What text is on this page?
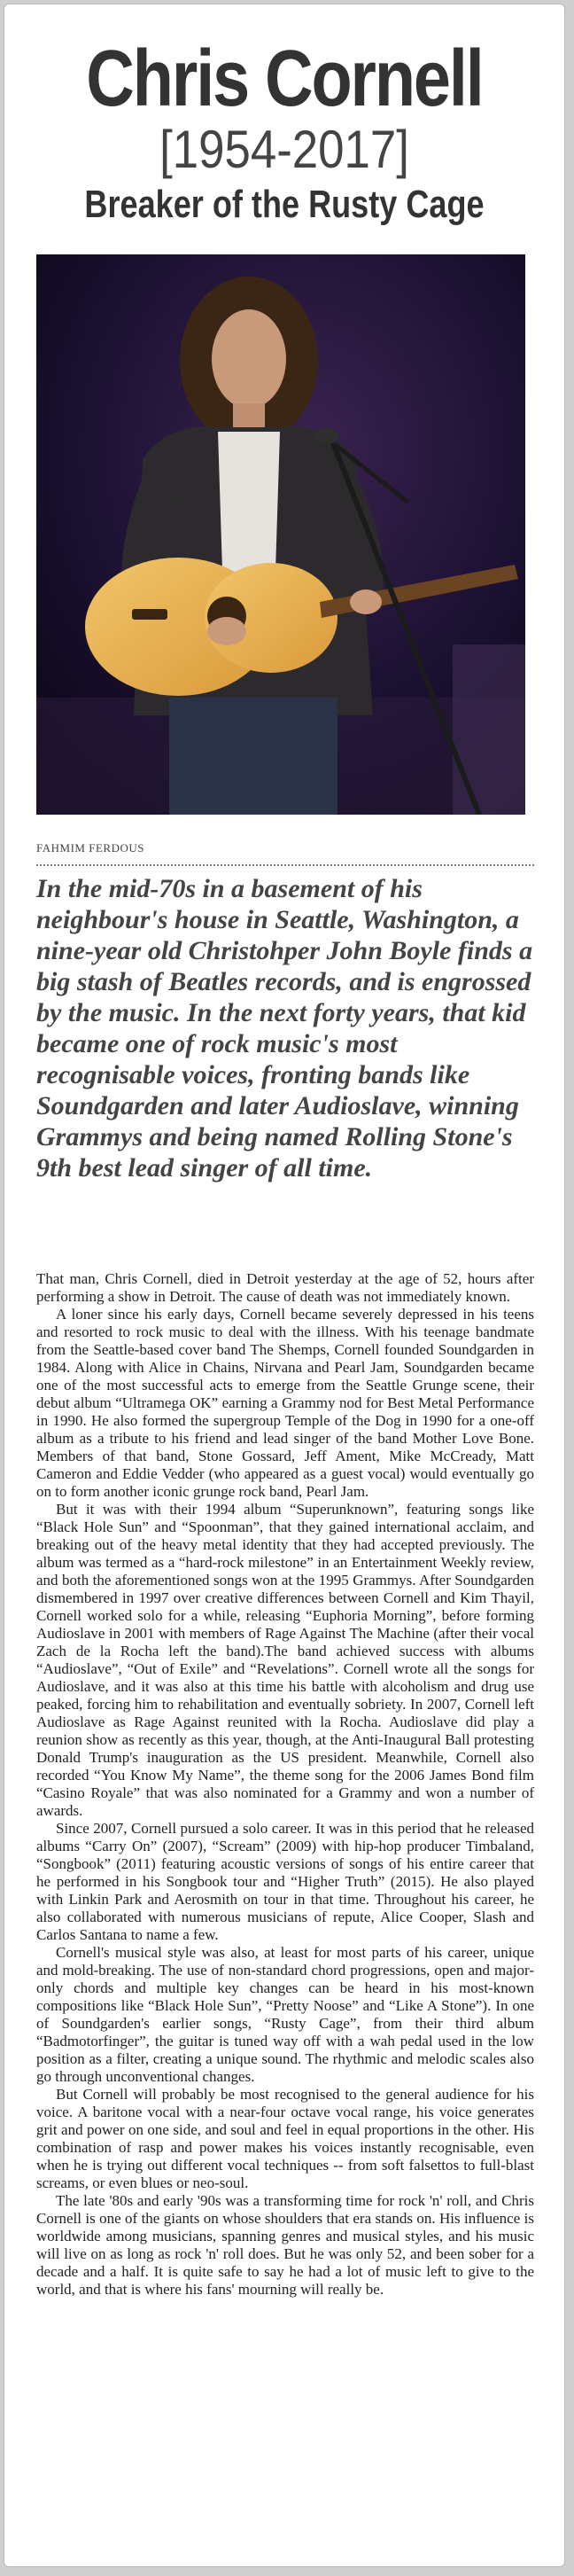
Chris Cornell
[1954-2017]
Breaker of the Rusty Cage
FAHMIM FERDOUS
In the mid-70s in a basement of his neighbour's house in Seattle, Washington, a nine-year old Christohper John Boyle finds a big stash of Beatles records, and is engrossed by the music. In the next forty years, that kid became one of rock music's most recognisable voices, fronting bands like Soundgarden and later Audioslave, winning Grammys and being named Rolling Stone's 9th best lead singer of all time.

That man, Chris Cornell, died in Detroit yesterday at the age of 52, hours after performing a show in Detroit. The cause of death was not immediately known.

A loner since his early days, Cornell became severely depressed in his teens and resorted to rock music to deal with the illness. With his teenage bandmate from the Seattle-based cover band The Shemps, Cornell founded Soundgarden in 1984. Along with Alice in Chains, Nirvana and Pearl Jam, Soundgarden became one of the most successful acts to emerge from the Seattle Grunge scene, their debut album “Ultramega OK” earning a Grammy nod for Best Metal Performance in 1990. He also formed the supergroup Temple of the Dog in 1990 for a one-off album as a tribute to his friend and lead singer of the band Mother Love Bone. Members of that band, Stone Gossard, Jeff Ament, Mike McCready, Matt Cameron and Eddie Vedder (who appeared as a guest vocal) would eventually go on to form another iconic grunge rock band, Pearl Jam.

But it was with their 1994 album “Superunknown”, featuring songs like “Black Hole Sun” and “Spoonman”, that they gained international acclaim, and breaking out of the heavy metal identity that they had accepted previously. The album was termed as a “hard-rock milestone” in an Entertainment Weekly review, and both the aforementioned songs won at the 1995 Grammys. After Soundgarden dismembered in 1997 over creative differences between Cornell and Kim Thayil, Cornell worked solo for a while, releasing “Euphoria Morning”, before forming Audioslave in 2001 with members of Rage Against The Machine (after their vocal Zach de la Rocha left the band).The band achieved success with albums “Audioslave”, “Out of Exile” and “Revelations”. Cornell wrote all the songs for Audioslave, and it was also at this time his battle with alcoholism and drug use peaked, forcing him to rehabilitation and eventually sobriety. In 2007, Cornell left Audioslave as Rage Against reunited with la Rocha. Audioslave did play a reunion show as recently as this year, though, at the Anti-Inaugural Ball protesting Donald Trump's inauguration as the US president. Meanwhile, Cornell also recorded “You Know My Name”, the theme song for the 2006 James Bond film “Casino Royale” that was also nominated for a Grammy and won a number of awards.

Since 2007, Cornell pursued a solo career. It was in this period that he released albums “Carry On” (2007), “Scream” (2009) with hip-hop producer Timbaland, “Songbook” (2011) featuring acoustic versions of songs of his entire career that he performed in his Songbook tour and “Higher Truth” (2015). He also played with Linkin Park and Aerosmith on tour in that time. Throughout his career, he also collaborated with numerous musicians of repute, Alice Cooper, Slash and Carlos Santana to name a few.

Cornell's musical style was also, at least for most parts of his career, unique and mold-breaking. The use of non-standard chord progressions, open and major-only chords and multiple key changes can be heard in his most-known compositions like “Black Hole Sun”, “Pretty Noose” and “Like A Stone”). In one of Soundgarden's earlier songs, “Rusty Cage”, from their third album “Badmotorfinger”, the guitar is tuned way off with a wah pedal used in the low position as a filter, creating a unique sound. The rhythmic and melodic scales also go through unconventional changes.

But Cornell will probably be most recognised to the general audience for his voice. A baritone vocal with a near-four octave vocal range, his voice generates grit and power on one side, and soul and feel in equal proportions in the other. His combination of rasp and power makes his voices instantly recognisable, even when he is trying out different vocal techniques -- from soft falsettos to full-blast screams, or even blues or neo-soul.

The late '80s and early '90s was a transforming time for rock 'n' roll, and Chris Cornell is one of the giants on whose shoulders that era stands on. His influence is worldwide among musicians, spanning genres and musical styles, and his music will live on as long as rock 'n' roll does. But he was only 52, and been sober for a decade and a half. It is quite safe to say he had a lot of music left to give to the world, and that is where his fans' mourning will really be.
